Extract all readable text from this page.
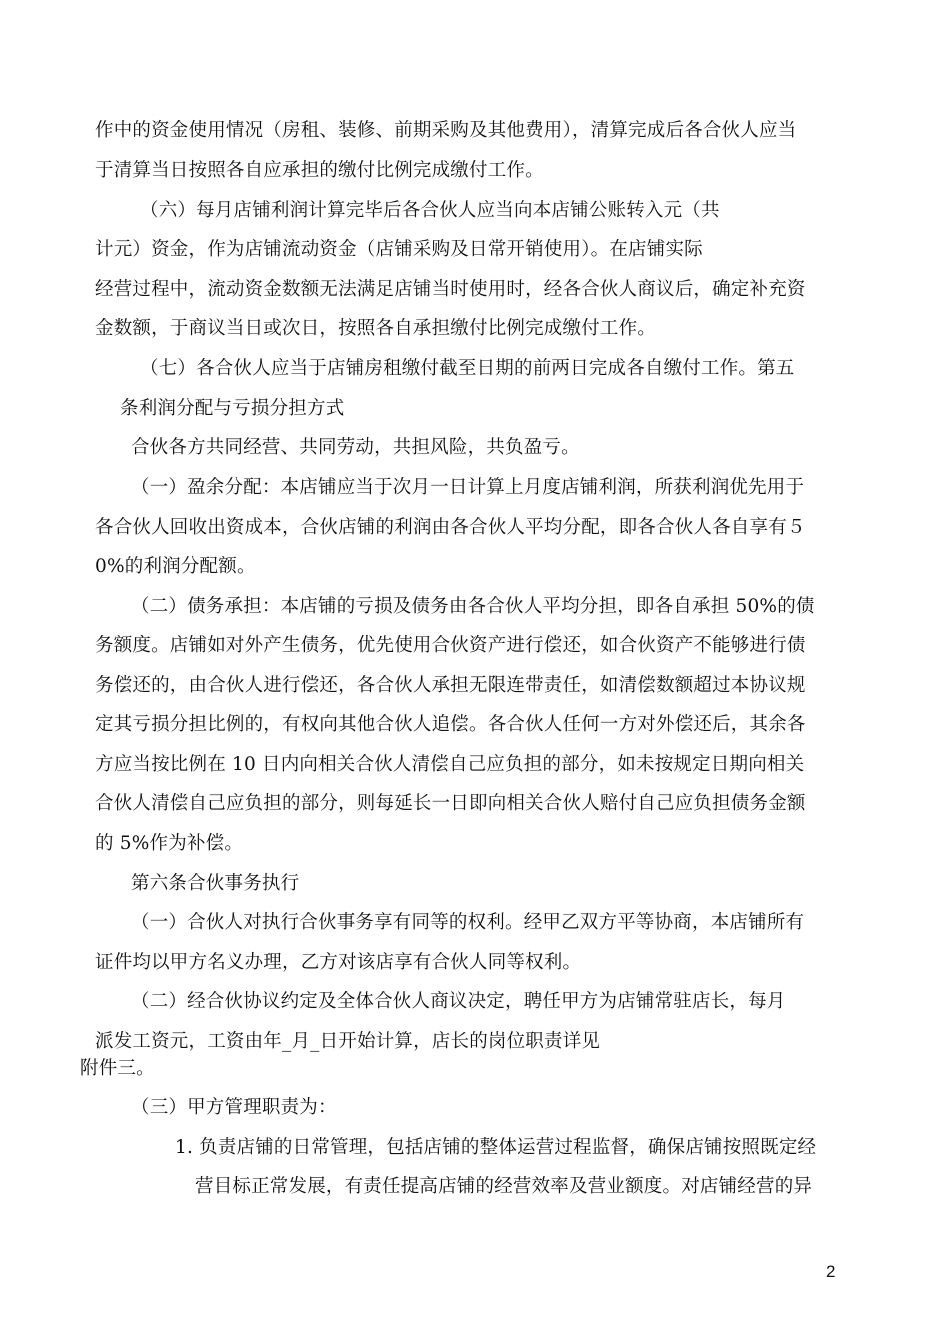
作中的资金使用情况（房租、装修、前期采购及其他费用），清算完成后各合伙人应当
于清算当日按照各自应承担的缴付比例完成缴付工作。
（六）每月店铺利润计算完毕后各合伙人应当向本店铺公账转入元（共
计元）资金，作为店铺流动资金（店铺采购及日常开销使用）。在店铺实际
经营过程中，流动资金数额无法满足店铺当时使用时，经各合伙人商议后，确定补充资
金数额，于商议当日或次日，按照各自承担缴付比例完成缴付工作。
（七）各合伙人应当于店铺房租缴付截至日期的前两日完成各自缴付工作。第五
条利润分配与亏损分担方式
合伙各方共同经营、共同劳动，共担风险，共负盈亏。
（一）盈余分配：本店铺应当于次月一日计算上月度店铺利润，所获利润优先用于
各合伙人回收出资成本，合伙店铺的利润由各合伙人平均分配，即各合伙人各自享有５
0%的利润分配额。
（二）债务承担：本店铺的亏损及债务由各合伙人平均分担，即各自承担 50%的债
务额度。店铺如对外产生债务，优先使用合伙资产进行偿还，如合伙资产不能够进行债
务偿还的，由合伙人进行偿还，各合伙人承担无限连带责任，如清偿数额超过本协议规
定其亏损分担比例的，有权向其他合伙人追偿。各合伙人任何一方对外偿还后，其余各
方应当按比例在 10 日内向相关合伙人清偿自己应负担的部分，如未按规定日期向相关
合伙人清偿自己应负担的部分，则每延长一日即向相关合伙人赔付自己应负担债务金额
的 5%作为补偿。
第六条合伙事务执行
（一）合伙人对执行合伙事务享有同等的权利。经甲乙双方平等协商，本店铺所有
证件均以甲方名义办理，乙方对该店享有合伙人同等权利。
（二）经合伙协议约定及全体合伙人商议决定，聘任甲方为店铺常驻店长，每月
派发工资元，工资由年_月_日开始计算，店长的岗位职责详见
附件三。
（三）甲方管理职责为：
1. 负责店铺的日常管理，包括店铺的整体运营过程监督，确保店铺按照既定经
营目标正常发展，有责任提高店铺的经营效率及营业额度。对店铺经营的异
2
